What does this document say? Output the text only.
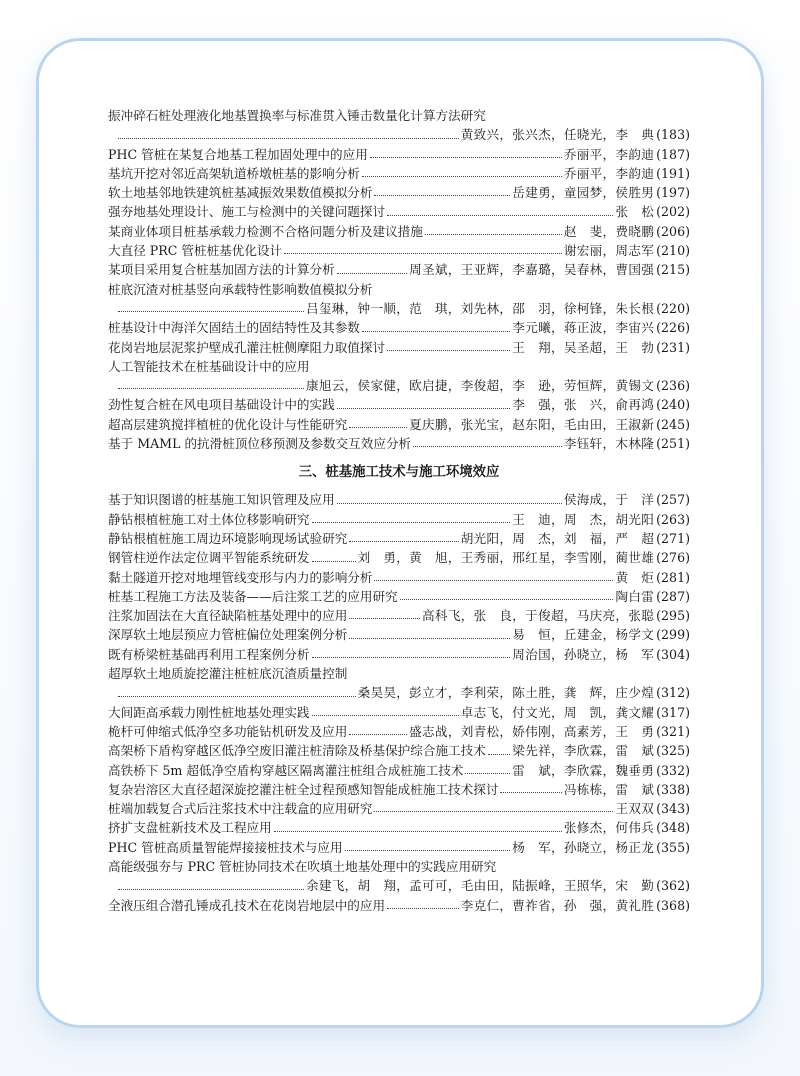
振冲碎石桩处理液化地基置换率与标准贯入锤击数量化计算方法研究
黄致兴，张兴杰，任晓光，李　典 (183)
PHC 管桩在某复合地基工程加固处理中的应用	乔丽平，李韵迪 (187)
基坑开挖对邻近高架轨道桥墩桩基的影响分析	乔丽平，李韵迪 (191)
软土地基邻地铁建筑桩基减振效果数值模拟分析	岳建勇，童园梦，侯胜男 (197)
强夯地基处理设计、施工与检测中的关键问题探讨	张　松 (202)
某商业体项目桩基承载力检测不合格问题分析及建议措施	赵　斐，费晓鹏 (206)
大直径 PRC 管桩桩基优化设计	谢宏丽，周志军 (210)
某项目采用复合桩基加固方法的计算分析	周圣斌，王亚辉，李嘉璐，吴春林，曹国强 (215)
桩底沉渣对桩基竖向承载特性影响数值模拟分析
吕玺琳，钟一顺，范　琪，刘先林，邵　羽，徐柯锋，朱长根 (220)
桩基设计中海洋欠固结土的固结特性及其参数	李元曦，蒋正波，李宙兴 (226)
花岗岩地层泥浆护壁成孔灌注桩侧摩阻力取值探讨	王　翔，吴圣超，王　勃 (231)
人工智能技术在桩基础设计中的应用
康旭云，侯家健，欧启捷，李俊超，李　逊，劳恒辉，黄锡文 (236)
劲性复合桩在风电项目基础设计中的实践	李　强，张　兴，俞再鸿 (240)
超高层建筑搅拌植桩的优化设计与性能研究	夏庆鹏，张光宝，赵东阳，毛由田，王淑新 (245)
基于 MAML 的抗滑桩顶位移预测及参数交互效应分析	李钰轩，木林隆 (251)
三、桩基施工技术与施工环境效应
基于知识图谱的桩基施工知识管理及应用	侯海成，于　洋 (257)
静钻根植桩施工对土体位移影响研究	王　迪，周　杰，胡光阳 (263)
静钻根植桩施工周边环境影响现场试验研究	胡光阳，周　杰，刘　福，严　超 (271)
钢管柱逆作法定位调平智能系统研发	刘　勇，黄　旭，王秀丽，邢红星，李雪刚，蔺世雄 (276)
黏土隧道开挖对地埋管线变形与内力的影响分析	黄　炬 (281)
桩基工程施工方法及装备——后注浆工艺的应用研究	陶白雷 (287)
注浆加固法在大直径缺陷桩基处理中的应用	高科飞，张　良，于俊超，马庆亮，张聪 (295)
深厚软土地层预应力管桩偏位处理案例分析	易　恒，丘建金，杨学文 (299)
既有桥梁桩基础再利用工程案例分析	周治国，孙晓立，杨　军 (304)
超厚软土地质旋挖灌注桩桩底沉渣质量控制
桑昊昊，彭立才，李利荣，陈土胜，龚　辉，庄少煌 (312)
大间距高承载力刚性桩地基处理实践	卓志飞，付文光，周　凯，龚文耀 (317)
桅杆可伸缩式低净空多功能钻机研发及应用	盛志战，刘青松，娇伟刚，高素芳，王　勇 (321)
高架桥下盾构穿越区低净空废旧灌注桩清除及桥基保护综合施工技术 梁先祥，李欣霖，雷　斌 (325)
高铁桥下 5m 超低净空盾构穿越区隔离灌注桩组合成桩施工技术	雷　斌，李欣霖，魏垂勇 (332)
复杂岩溶区大直径超深旋挖灌注桩全过程预感知智能成桩施工技术探讨	冯栋栋，雷　斌 (338)
桩端加载复合式后注浆技术中注载盒的应用研究	王双双 (343)
挤扩支盘桩新技术及工程应用	张修杰，何伟兵 (348)
PHC 管桩高质量智能焊接接桩技术与应用	杨　军，孙晓立，杨正龙 (355)
高能级强夯与 PRC 管桩协同技术在吹填土地基处理中的实践应用研究
余建飞，胡　翔，孟可可，毛由田，陆振峰，王照华，宋　勤 (362)
全液压组合潜孔锤成孔技术在花岗岩地层中的应用	李克仁，曹祚省，孙　强，黄礼胜 (368)
